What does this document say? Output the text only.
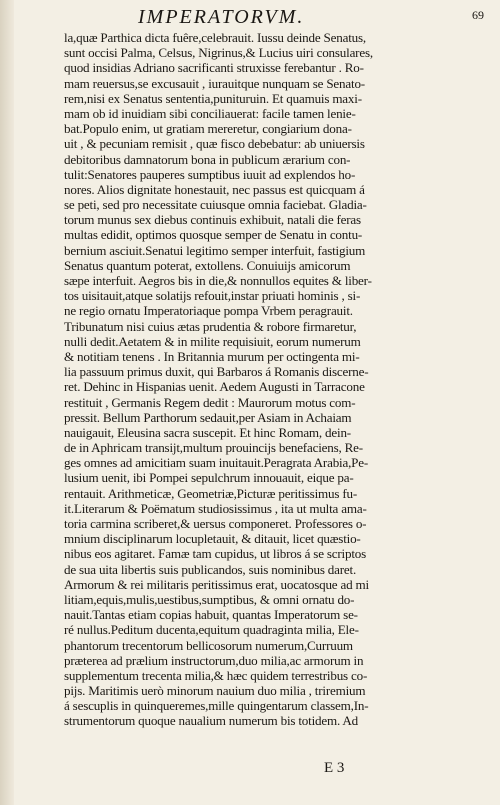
IMPERATORVM.	69
la,quæ Parthica dicta fuêre,celebrauit. Iussu deinde Senatus,
sunt occisi Palma, Celsus, Nigrinus,& Lucius uiri consulares,
quod insidias Adriano sacrificanti struxisse ferebantur . Ro-
mam reuersus,se excusauit , iurauitque nunquam se Senato-
rem,nisi ex Senatus sententia,punituruin. Et quamuis maxi-
mam ob id inuidiam sibi conciliauerat: facile tamen lenie-
bat.Populo enim, ut gratiam mereretur, congiarium dona-
uit , & pecuniam remisit , quæ fisco debebatur: ab uniuersis
debitoribus damnatorum bona in publicum ærarium con-
tulit:Senatores pauperes sumptibus iuuit ad explendos ho-
nores. Alios dignitate honestauit, nec passus est quicquam á
se peti, sed pro necessitate cuiusque omnia faciebat. Gladia-
torum munus sex diebus continuis exhibuit, natali die feras
multas edidit, optimos quosque semper de Senatu in contu-
bernium asciuit.Senatui legitimo semper interfuit, fastigium
Senatus quantum poterat, extollens. Conuiuijs amicorum
sæpe interfuit. Aegros bis in die,& nonnullos equites & liber-
tos uisitauit,atque solatijs refouit,instar priuati hominis , si-
ne regio ornatu Imperatoriaque pompa Vrbem peragrauit.
Tribunatum nisi cuius ætas prudentia & robore firmaretur,
nulli dedit.Aetatem & in milite requisiuit, eorum numerum
& notitiam tenens . In Britannia murum per octingenta mi-
lia passuum primus duxit, qui Barbaros á Romanis discerne-
ret. Dehinc in Hispanias uenit. Aedem Augusti in Tarracone
restituit , Germanis Regem dedit : Maurorum motus com-
pressit. Bellum Parthorum sedauit,per Asiam in Achaiam
nauigauit, Eleusina sacra suscepit. Et hinc Romam, dein-
de in Aphricam transijt,multum prouincijs benefaciens, Re-
ges omnes ad amicitiam suam inuitauit.Peragrata Arabia,Pe-
lusium uenit, ibi Pompei sepulchrum innouauit, eique pa-
rentauit. Arithmeticæ, Geometriæ,Picturæ peritissimus fu-
it.Literarum & Poëmatum studiosissimus , ita ut multa ama-
toria carmina scriberet,& uersus componeret. Professores o-
mnium disciplinarum locupletauit, & ditauit, licet quæstio-
nibus eos agitaret. Famæ tam cupidus, ut libros á se scriptos
de sua uita libertis suis publicandos, suis nominibus daret.
Armorum & rei militaris peritissimus erat, uocatosque ad mi
litiam,equis,mulis,uestibus,sumptibus, & omni ornatu do-
nauit.Tantas etiam copias habuit, quantas Imperatorum se-
ré nullus.Peditum ducenta,equitum quadraginta milia, Ele-
phantorum trecentorum bellicosorum numerum,Curruum
præterea ad prælium instructorum,duo milia,ac armorum in
supplementum trecenta milia,& hæc quidem terrestribus co-
pijs. Maritimis uerò minorum nauium duo milia , triremium
á sescuplis in quinqueremes,mille quingentarum classem,In-
strumentorum quoque naualium numerum bis totidem. Ad
E 3
